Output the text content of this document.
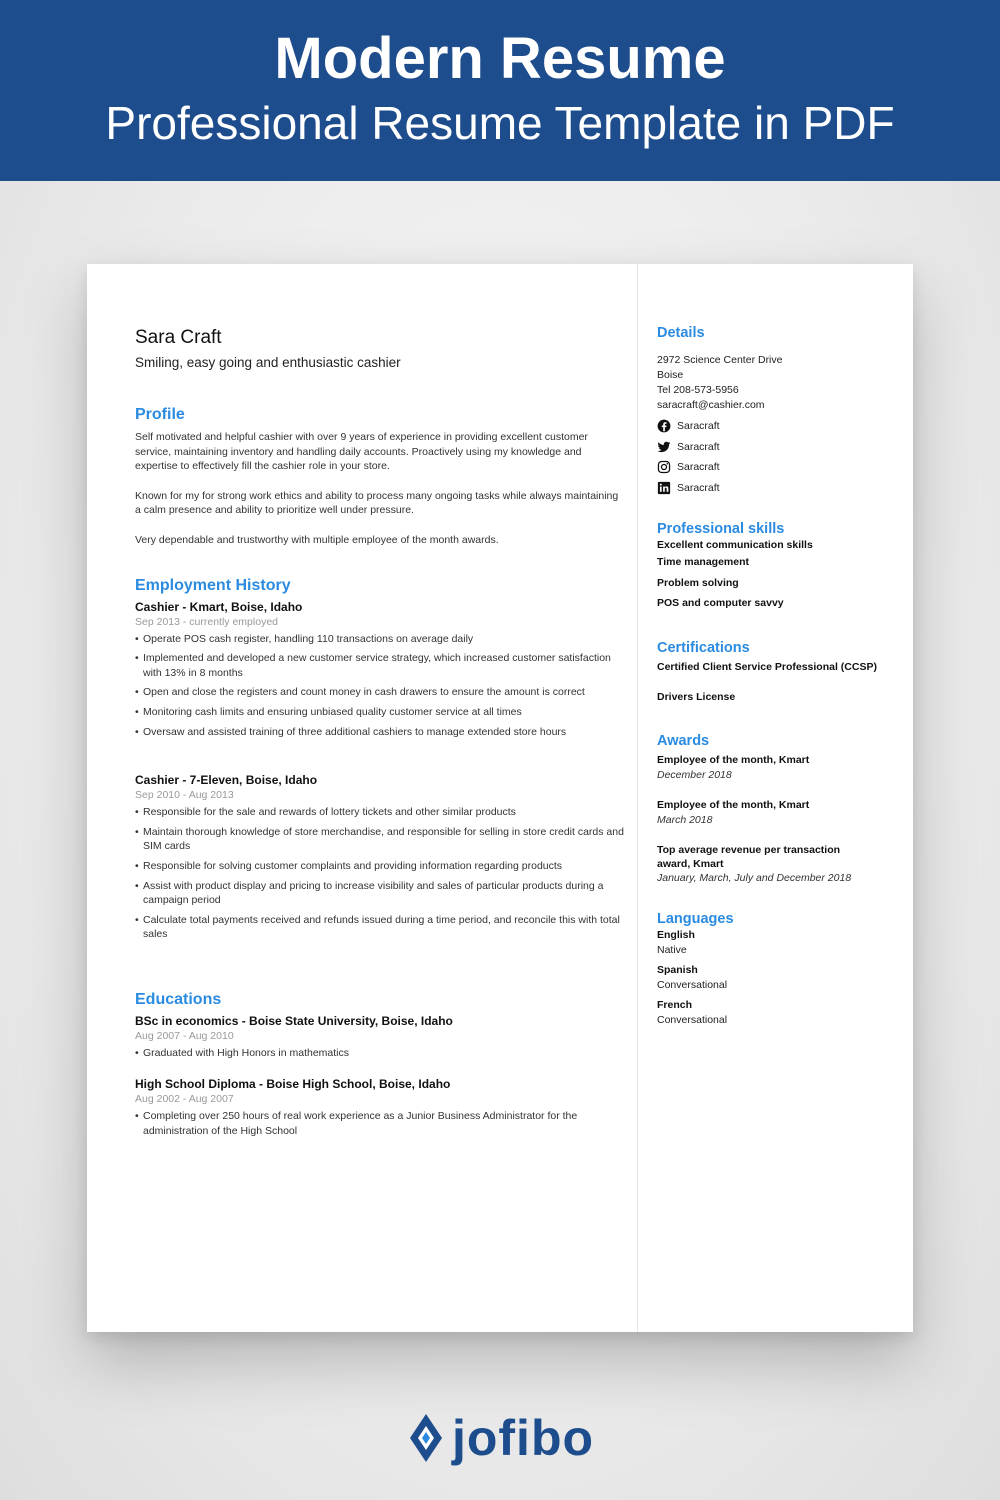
Modern Resume
Professional Resume Template in PDF
Sara Craft
Smiling, easy going and enthusiastic cashier
Profile

Self motivated and helpful cashier with over 9 years of experience in providing excellent customer service, maintaining inventory and handling daily accounts. Proactively using my knowledge and expertise to effectively fill the cashier role in your store.

Known for my for strong work ethics and ability to process many ongoing tasks while always maintaining a calm presence and ability to prioritize well under pressure.

Very dependable and trustworthy with multiple employee of the month awards.

Employment History
Cashier - Kmart, Boise, Idaho
Sep 2013 - currently employed
• Operate POS cash register, handling 110 transactions on average daily
• Implemented and developed a new customer service strategy, which increased customer satisfaction with 13% in 8 months
• Open and close the registers and count money in cash drawers to ensure the amount is correct
• Monitoring cash limits and ensuring unbiased quality customer service at all times
• Oversaw and assisted training of three additional cashiers to manage extended store hours
Cashier - 7-Eleven, Boise, Idaho
Sep 2010 - Aug 2013
• Responsible for the sale and rewards of lottery tickets and other similar products
• Maintain thorough knowledge of store merchandise, and responsible for selling in store credit cards and SIM cards
• Responsible for solving customer complaints and providing information regarding products
• Assist with product display and pricing to increase visibility and sales of particular products during a campaign period
• Calculate total payments received and refunds issued during a time period, and reconcile this with total sales
Educations
BSc in economics - Boise State University, Boise, Idaho
Aug 2007 - Aug 2010
• Graduated with High Honors in mathematics
High School Diploma - Boise High School, Boise, Idaho
Aug 2002 - Aug 2007
• Completing over 250 hours of real work experience as a Junior Business Administrator for the administration of the High School
Details
2972 Science Center Drive
Boise
Tel 208-573-5956
saracraft@cashier.com
Saracraft
Saracraft
Saracraft
Saracraft
Professional skills
Excellent communication skills
Time management
Problem solving
POS and computer savvy
Certifications
Certified Client Service Professional (CCSP)
Drivers License
Awards
Employee of the month, Kmart
December 2018
Employee of the month, Kmart
March 2018
Top average revenue per transaction award, Kmart
January, March, July and December 2018
Languages
English
Native
Spanish
Conversational
French
Conversational
jofibo
